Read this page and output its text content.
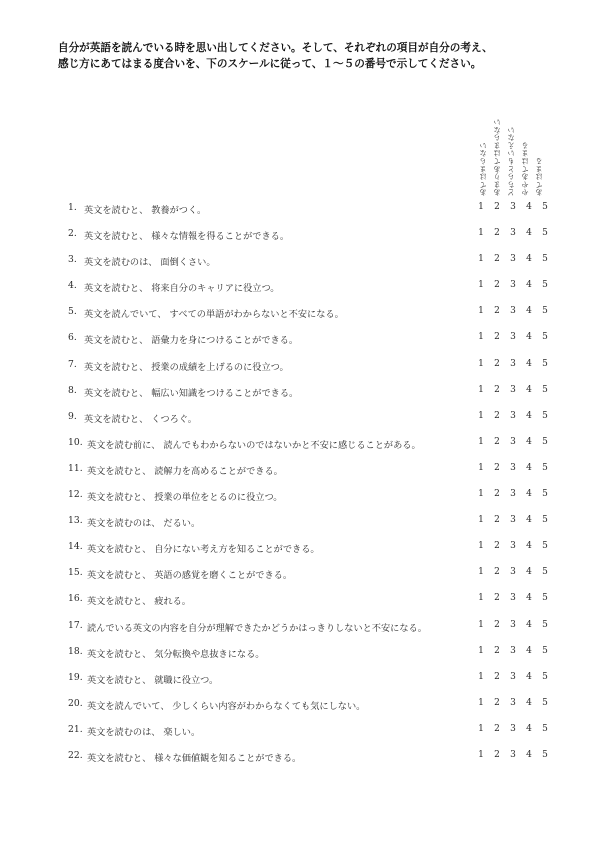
自分が英語を読んでいる時を思い出してください。そして、それぞれの項目が自分の考え、

感じ方にあてはまる度合いを、下のスケールに従って、１～５の番号で示してください。

あてはまらない あまりあてはまらない どちらともいえない ややあてはまる あてはまる
1. 英文を読むと、 教養がつく。	1	2	3	4	5
2. 英文を読むと、 様々な情報を得ることができる。	1	2	3	4	5
3. 英文を読むのは、 面倒くさい。	1	2	3	4	5
4. 英文を読むと、 将来自分のキャリアに役立つ。	1	2	3	4	5
5. 英文を読んでいて、 すべての単語がわからないと不安になる。	1	2	3	4	5
6. 英文を読むと、 語彙力を身につけることができる。	1	2	3	4	5
7. 英文を読むと、 授業の成績を上げるのに役立つ。	1	2	3	4	5
8. 英文を読むと、 幅広い知識をつけることができる。	1	2	3	4	5
9. 英文を読むと、 くつろぐ。	1	2	3	4	5
10. 英文を読む前に、 読んでもわからないのではないかと不安に感じることがある。	1	2	3	4	5
11. 英文を読むと、 読解力を高めることができる。	1	2	3	4	5
12. 英文を読むと、 授業の単位をとるのに役立つ。	1	2	3	4	5
13. 英文を読むのは、 だるい。	1	2	3	4	5
14. 英文を読むと、 自分にない考え方を知ることができる。	1	2	3	4	5
15. 英文を読むと、 英語の感覚を磨くことができる。	1	2	3	4	5
16. 英文を読むと、 疲れる。	1	2	3	4	5
17. 読んでいる英文の内容を自分が理解できたかどうかはっきりしないと不安になる。	1	2	3	4	5
18. 英文を読むと、 気分転換や息抜きになる。	1	2	3	4	5
19. 英文を読むと、 就職に役立つ。	1	2	3	4	5
20. 英文を読んでいて、 少しくらい内容がわからなくても気にしない。	1	2	3	4	5
21. 英文を読むのは、 楽しい。	1	2	3	4	5
22. 英文を読むと、 様々な価値観を知ることができる。	1	2	3	4	5
